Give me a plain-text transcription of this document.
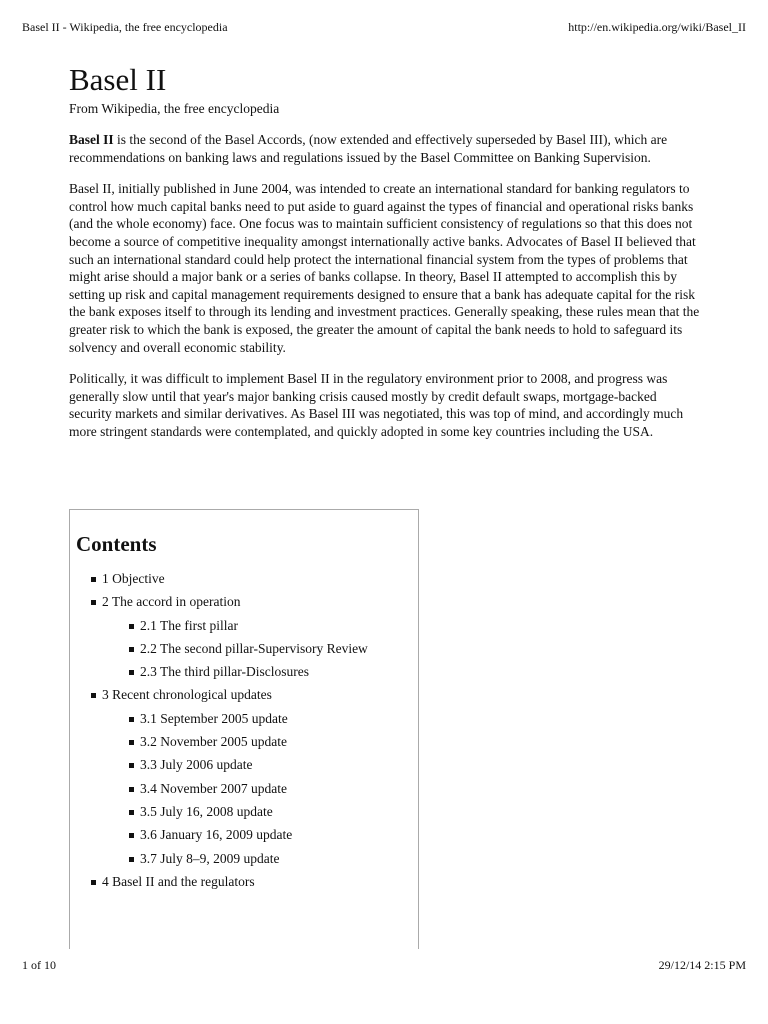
Basel II - Wikipedia, the free encyclopedia	http://en.wikipedia.org/wiki/Basel_II
Basel II
From Wikipedia, the free encyclopedia

Basel II is the second of the Basel Accords, (now extended and effectively superseded by Basel III), which are recommendations on banking laws and regulations issued by the Basel Committee on Banking Supervision.

Basel II, initially published in June 2004, was intended to create an international standard for banking regulators to control how much capital banks need to put aside to guard against the types of financial and operational risks banks (and the whole economy) face. One focus was to maintain sufficient consistency of regulations so that this does not become a source of competitive inequality amongst internationally active banks. Advocates of Basel II believed that such an international standard could help protect the international financial system from the types of problems that might arise should a major bank or a series of banks collapse. In theory, Basel II attempted to accomplish this by setting up risk and capital management requirements designed to ensure that a bank has adequate capital for the risk the bank exposes itself to through its lending and investment practices. Generally speaking, these rules mean that the greater risk to which the bank is exposed, the greater the amount of capital the bank needs to hold to safeguard its solvency and overall economic stability.

Politically, it was difficult to implement Basel II in the regulatory environment prior to 2008, and progress was generally slow until that year's major banking crisis caused mostly by credit default swaps, mortgage-backed security markets and similar derivatives. As Basel III was negotiated, this was top of mind, and accordingly much more stringent standards were contemplated, and quickly adopted in some key countries including the USA.

Contents
1 Objective
2 The accord in operation
2.1 The first pillar
2.2 The second pillar-Supervisory Review
2.3 The third pillar-Disclosures
3 Recent chronological updates
3.1 September 2005 update
3.2 November 2005 update
3.3 July 2006 update
3.4 November 2007 update
3.5 July 16, 2008 update
3.6 January 16, 2009 update
3.7 July 8–9, 2009 update
4 Basel II and the regulators
1 of 10	29/12/14 2:15 PM
